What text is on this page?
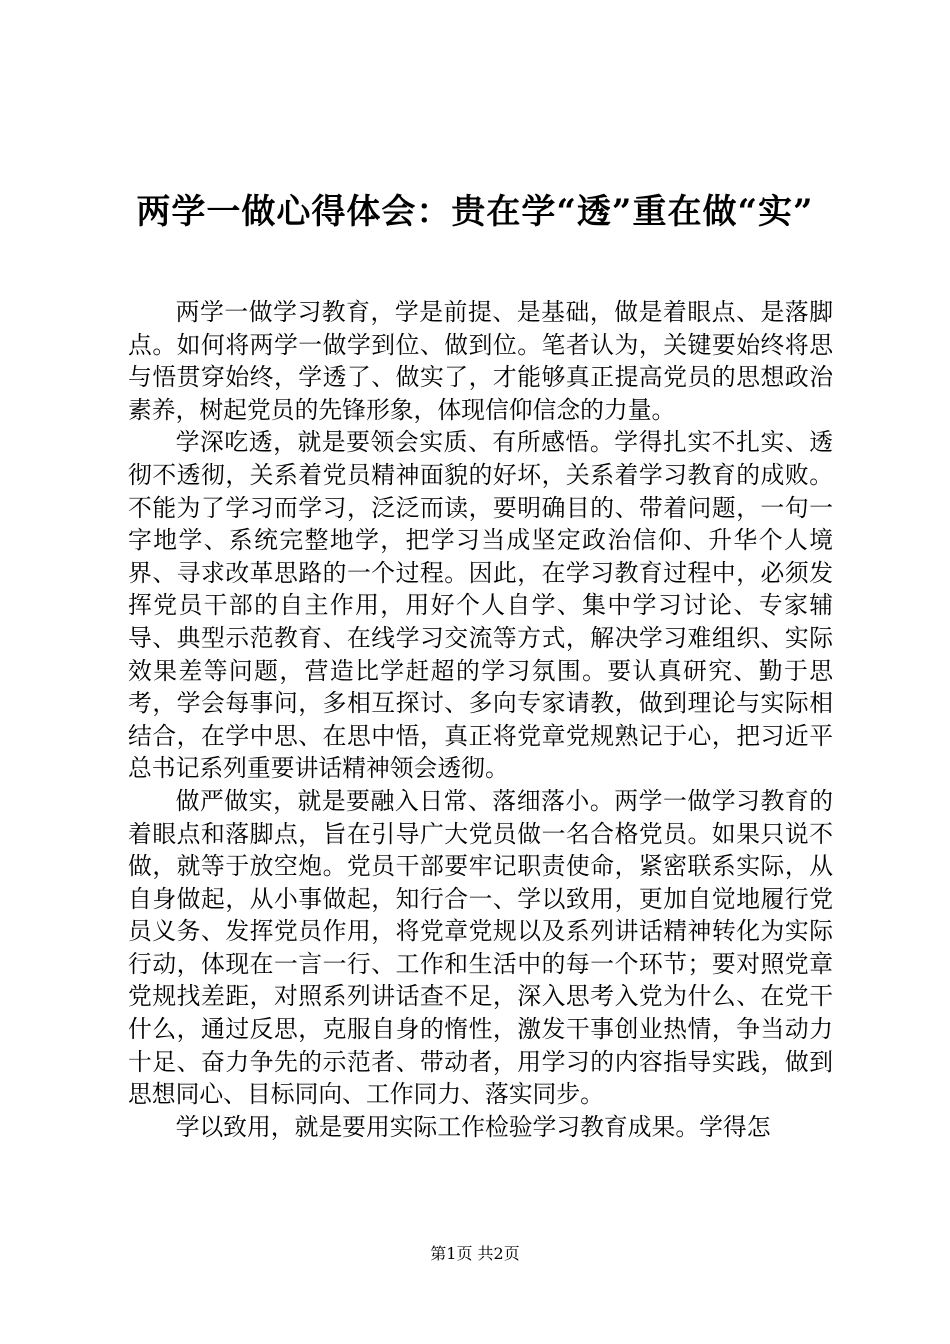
两学一做心得体会：贵在学“透”重在做“实”

两学一做学习教育，学是前提、是基础，做是着眼点、是落脚点。如何将两学一做学到位、做到位。笔者认为，关键要始终将思与悟贯穿始终，学透了、做实了，才能够真正提高党员的思想政治素养，树起党员的先锋形象，体现信仰信念的力量。

学深吃透，就是要领会实质、有所感悟。学得扎实不扎实、透彻不透彻，关系着党员精神面貌的好坏，关系着学习教育的成败。不能为了学习而学习，泛泛而读，要明确目的、带着问题，一句一字地学、系统完整地学，把学习当成坚定政治信仰、升华个人境界、寻求改革思路的一个过程。因此，在学习教育过程中，必须发挥党员干部的自主作用，用好个人自学、集中学习讨论、专家辅导、典型示范教育、在线学习交流等方式，解决学习难组织、实际效果差等问题，营造比学赶超的学习氛围。要认真研究、勤于思考，学会每事问，多相互探讨、多向专家请教，做到理论与实际相结合，在学中思、在思中悟，真正将党章党规熟记于心，把习近平总书记系列重要讲话精神领会透彻。

做严做实，就是要融入日常、落细落小。两学一做学习教育的着眼点和落脚点，旨在引导广大党员做一名合格党员。如果只说不做，就等于放空炮。党员干部要牢记职责使命，紧密联系实际，从自身做起，从小事做起，知行合一、学以致用，更加自觉地履行党员义务、发挥党员作用，将党章党规以及系列讲话精神转化为实际行动，体现在一言一行、工作和生活中的每一个环节；要对照党章党规找差距，对照系列讲话查不足，深入思考入党为什么、在党干什么，通过反思，克服自身的惰性，激发干事创业热情，争当动力十足、奋力争先的示范者、带动者，用学习的内容指导实践，做到思想同心、目标同向、工作同力、落实同步。

学以致用，就是要用实际工作检验学习教育成果。学得怎

第1页 共2页
